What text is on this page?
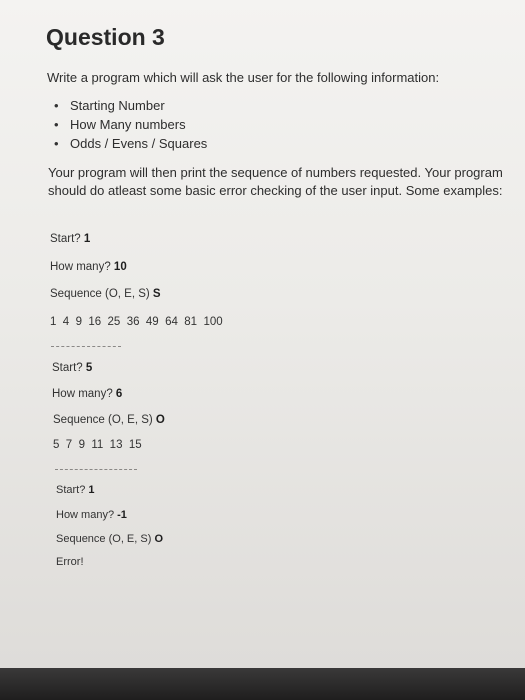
Question 3
Write a program which will ask the user for the following information:
• Starting Number
• How Many numbers
• Odds / Evens / Squares
Your program will then print the sequence of numbers requested. Your program should do atleast some basic error checking of the user input. Some examples:
Start? 1
How many? 10
Sequence (O, E, S) S
1  4  9  16  25  36  49  64  81  100
Start? 5
How many? 6
Sequence (O, E, S) O
5  7  9  11  13  15
Start? 1
How many? -1
Sequence (O, E, S) O
Error!
